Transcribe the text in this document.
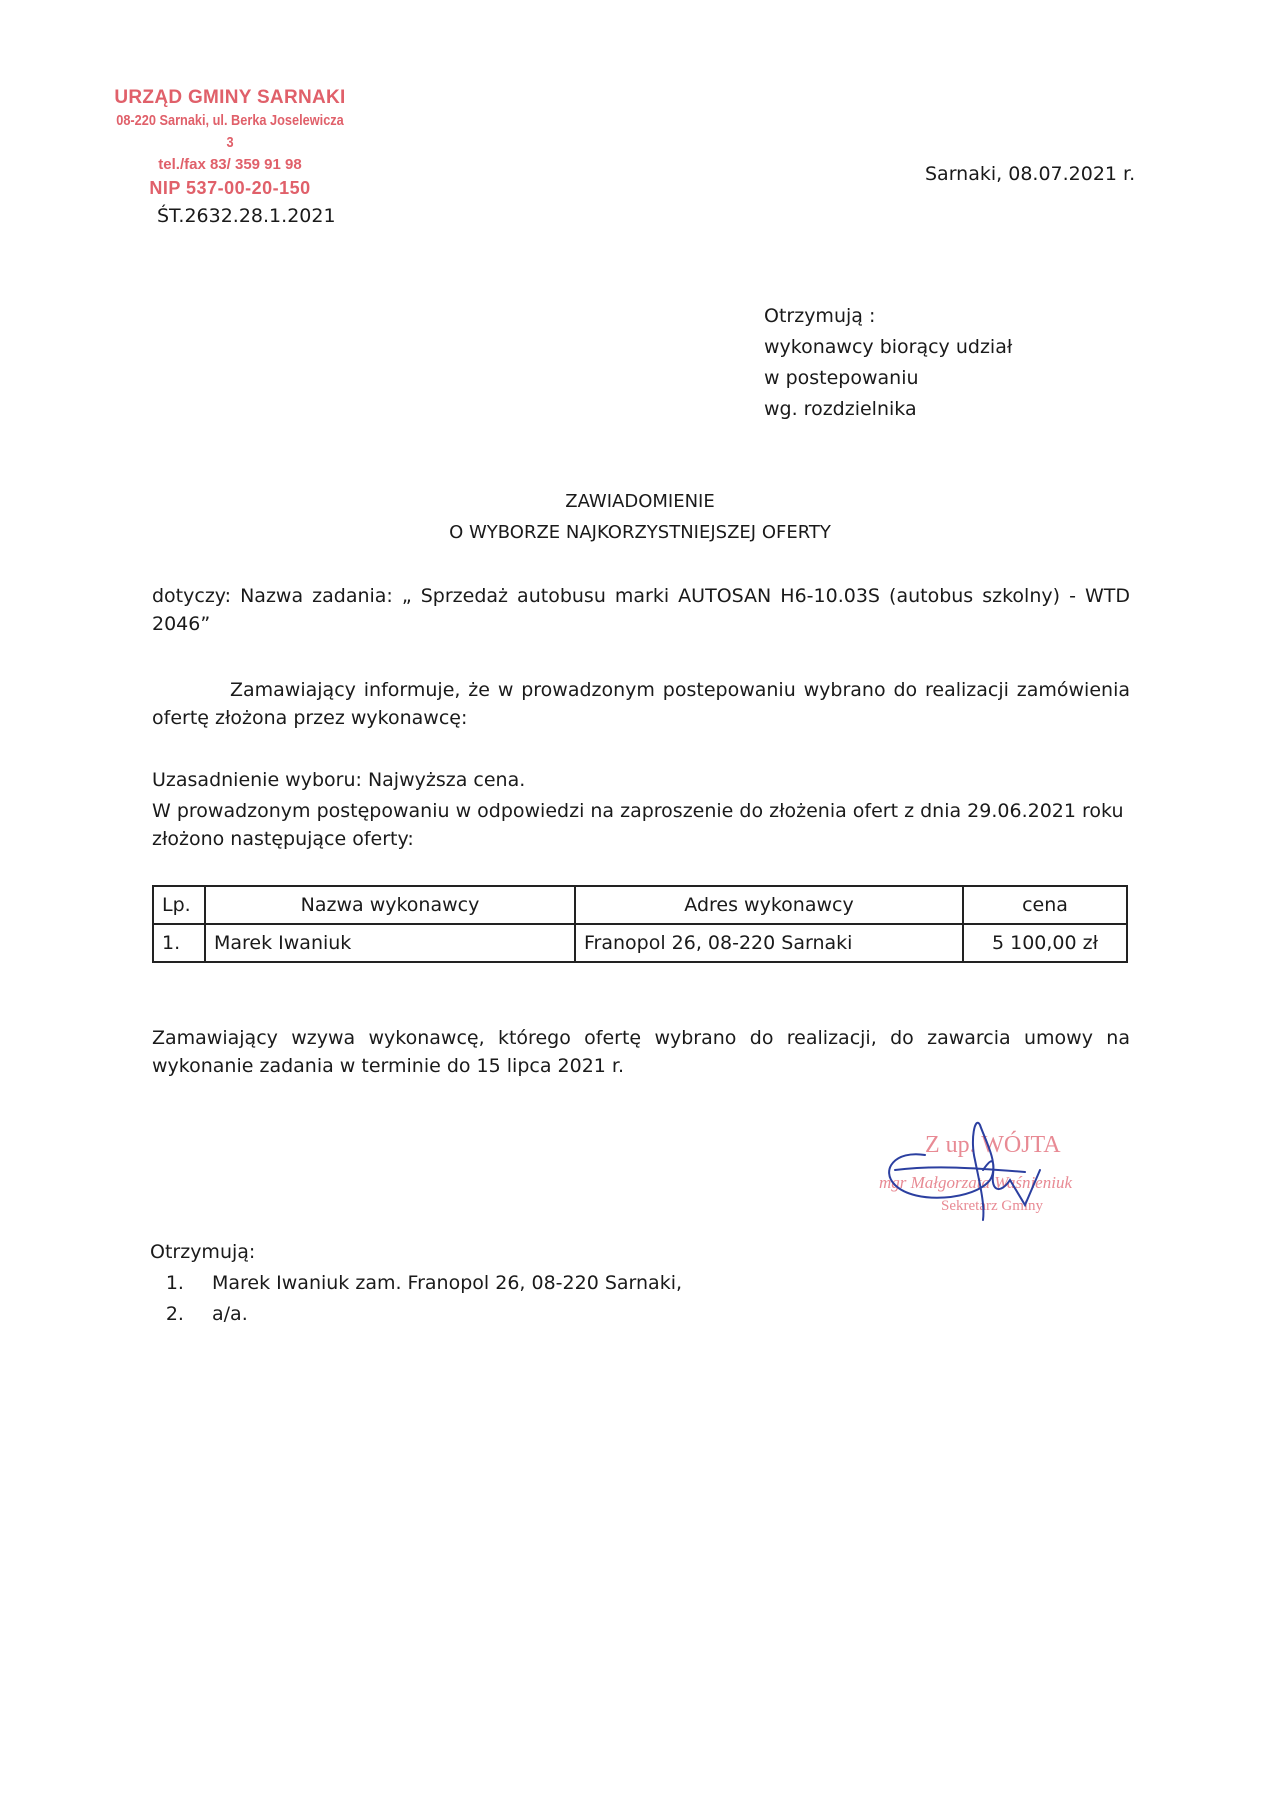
URZĄD GMINY SARNAKI
08-220 Sarnaki, ul. Berka Joselewicza 3
tel./fax 83/ 359 91 98
NIP 537-00-20-150
Sarnaki, 08.07.2021 r.
ŚT.2632.28.1.2021
Otrzymują :
wykonawcy biorący udział
w postepowaniu
wg. rozdzielnika
ZAWIADOMIENIE
O WYBORZE NAJKORZYSTNIEJSZEJ OFERTY
dotyczy: Nazwa zadania: „ Sprzedaż autobusu marki AUTOSAN H6-10.03S (autobus szkolny) - WTD 2046”
Zamawiający informuje, że w prowadzonym postepowaniu wybrano do realizacji zamówienia ofertę złożona przez wykonawcę:
Uzasadnienie wyboru: Najwyższa cena.
W prowadzonym postępowaniu w odpowiedzi na zaproszenie do złożenia ofert z dnia 29.06.2021 roku złożono następujące oferty:
Lp.	Nazwa wykonawcy	Adres wykonawcy	cena
1.	Marek Iwaniuk	Franopol 26, 08-220 Sarnaki	5 100,00 zł
Zamawiający wzywa wykonawcę, którego ofertę wybrano do realizacji, do zawarcia umowy na wykonanie zadania w terminie do 15 lipca 2021 r.
Z up. WÓJTA
mgr Małgorzata Waśnieniuk
Sekretarz Gminy
Otrzymują:
1. Marek Iwaniuk zam. Franopol 26, 08-220 Sarnaki,
2. a/a.
